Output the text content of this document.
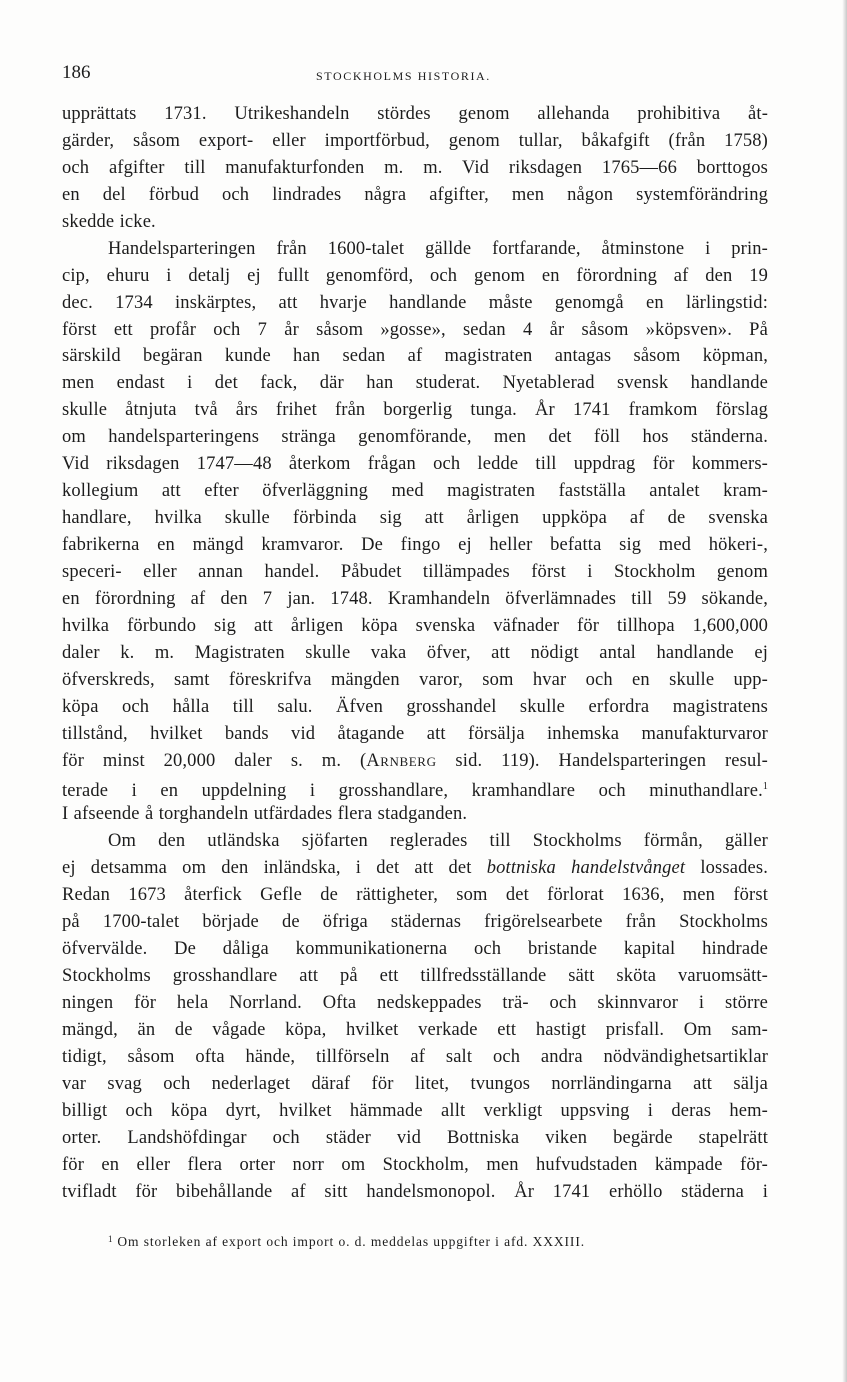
186	STOCKHOLMS HISTORIA.
upprättats 1731. Utrikeshandeln stördes genom allehanda prohibitiva åt-
gärder, såsom export- eller importförbud, genom tullar, båkafgift (från 1758)
och afgifter till manufakturfonden m. m. Vid riksdagen 1765—66 borttogos
en del förbud och lindrades några afgifter, men någon systemförändring
skedde icke.
Handelsparteringen från 1600-talet gällde fortfarande, åtminstone i prin-
cip, ehuru i detalj ej fullt genomförd, och genom en förordning af den 19
dec. 1734 inskärptes, att hvarje handlande måste genomgå en lärlingstid:
först ett profår och 7 år såsom »gosse», sedan 4 år såsom »köpsven». På
särskild begäran kunde han sedan af magistraten antagas såsom köpman,
men endast i det fack, där han studerat. Nyetablerad svensk handlande
skulle åtnjuta två års frihet från borgerlig tunga. År 1741 framkom förslag
om handelsparteringens stränga genomförande, men det föll hos ständerna.
Vid riksdagen 1747—48 återkom frågan och ledde till uppdrag för kommers-
kollegium att efter öfverläggning med magistraten fastställa antalet kram-
handlare, hvilka skulle förbinda sig att årligen uppköpa af de svenska
fabrikerna en mängd kramvaror. De fingo ej heller befatta sig med hökeri-,
speceri- eller annan handel. Påbudet tillämpades först i Stockholm genom
en förordning af den 7 jan. 1748. Kramhandeln öfverlämnades till 59 sökande,
hvilka förbundo sig att årligen köpa svenska väfnader för tillhopa 1,600,000
daler k. m. Magistraten skulle vaka öfver, att nödigt antal handlande ej
öfverskreds, samt föreskrifva mängden varor, som hvar och en skulle upp-
köpa och hålla till salu. Äfven grosshandel skulle erfordra magistratens
tillstånd, hvilket bands vid åtagande att försälja inhemska manufakturvaror
för minst 20,000 daler s. m. (Arnberg sid. 119). Handelsparteringen resul-
terade i en uppdelning i grosshandlare, kramhandlare och minuthandlare.$^1$
I afseende å torghandeln utfärdades flera stadganden.
Om den utländska sjöfarten reglerades till Stockholms förmån, gäller
ej detsamma om den inländska, i det att det bottniska handelstvånget lossades.
Redan 1673 återfick Gefle de rättigheter, som det förlorat 1636, men först
på 1700-talet började de öfriga städernas frigörelsearbete från Stockholms
öfvervälde. De dåliga kommunikationerna och bristande kapital hindrade
Stockholms grosshandlare att på ett tillfredsställande sätt sköta varuomsätt-
ningen för hela Norrland. Ofta nedskeppades trä- och skinnvaror i större
mängd, än de vågade köpa, hvilket verkade ett hastigt prisfall. Om sam-
tidigt, såsom ofta hände, tillförseln af salt och andra nödvändighetsartiklar
var svag och nederlaget däraf för litet, tvungos norrländingarna att sälja
billigt och köpa dyrt, hvilket hämmade allt verkligt uppsving i deras hem-
orter. Landshöfdingar och städer vid Bottniska viken begärde stapelrätt
för en eller flera orter norr om Stockholm, men hufvudstaden kämpade för-
tvifladt för bibehållande af sitt handelsmonopol. År 1741 erhöllo städerna i
$^1$ Om storleken af export och import o. d. meddelas uppgifter i afd. XXXIII.
